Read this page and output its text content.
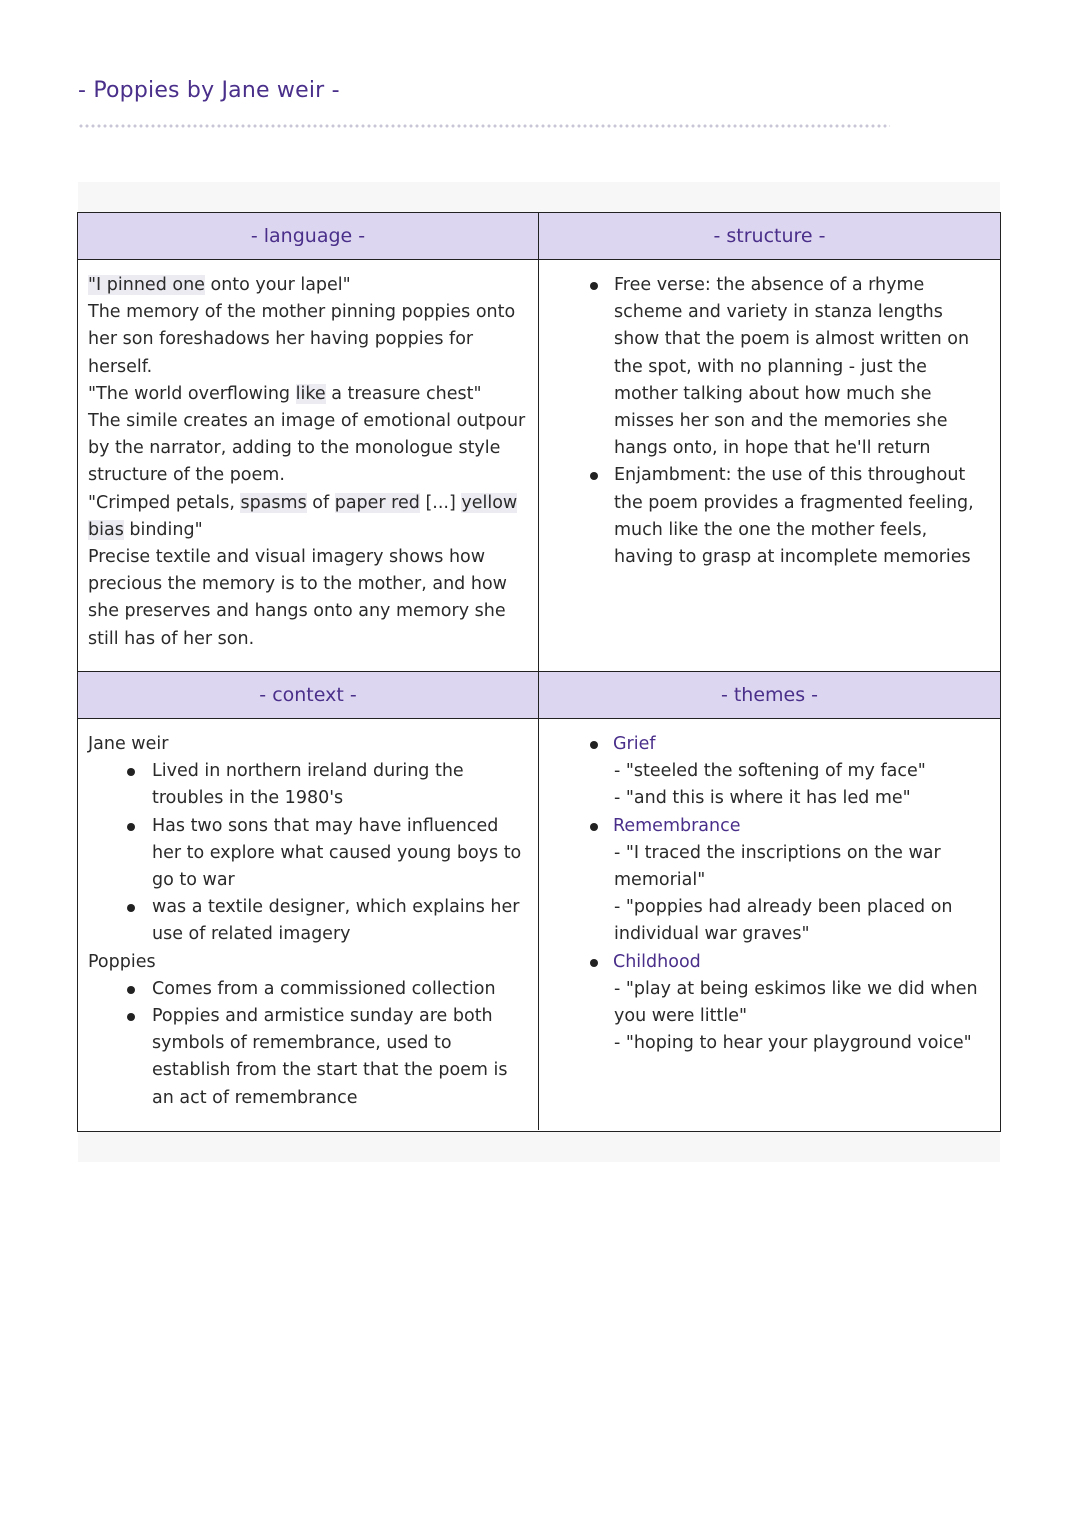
- Poppies by Jane weir -
- language -	- structure -

"I pinned one onto your lapel"

The memory of the mother pinning poppies onto her son foreshadows her having poppies for herself.

"The world overflowing like a treasure chest"

The simile creates an image of emotional outpour by the narrator, adding to the monologue style structure of the poem.

"Crimped petals, spasms of paper red [...] yellow bias binding"

Precise textile and visual imagery shows how precious the memory is to the mother, and how she preserves and hangs onto any memory she still has of her son.

Free verse: the absence of a rhyme scheme and variety in stanza lengths show that the poem is almost written on the spot, with no planning - just the mother talking about how much she misses her son and the memories she hangs onto, in hope that he'll return
Enjambment: the use of this throughout the poem provides a fragmented feeling, much like the one the mother feels, having to grasp at incomplete memories
- context -	- themes -

Jane weir

Lived in northern ireland during the troubles in the 1980's
Has two sons that may have influenced her to explore what caused young boys to go to war
was a textile designer, which explains her use of related imagery

Poppies

Comes from a commissioned collection
Poppies and armistice sunday are both symbols of remembrance, used to establish from the start that the poem is an act of remembrance
Grief

- "steeled the softening of my face"

- "and this is where it has led me"

Remembrance

- "I traced the inscriptions on the war memorial"

- "poppies had already been placed on individual war graves"

Childhood

- "play at being eskimos like we did when you were little"

- "hoping to hear your playground voice"
